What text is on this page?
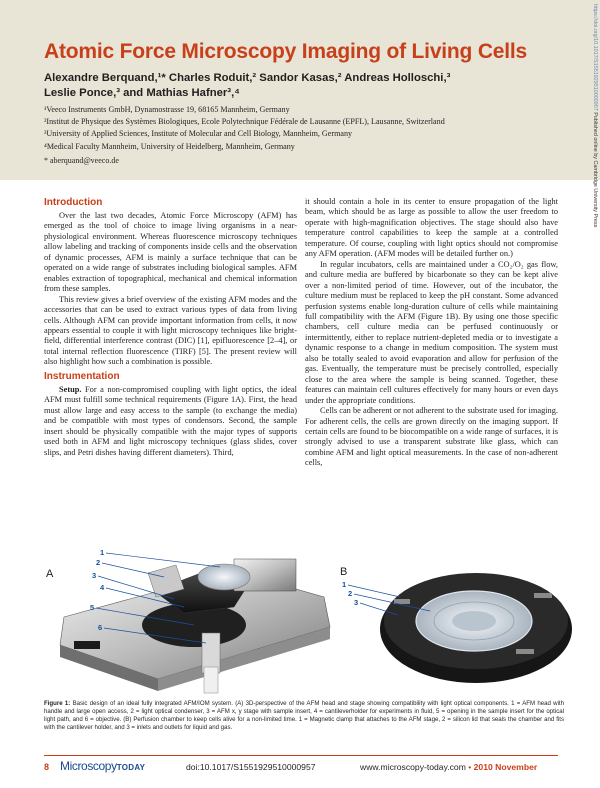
Atomic Force Microscopy Imaging of Living Cells
Alexandre Berquand,¹* Charles Roduit,² Sandor Kasas,² Andreas Holloschi,³
Leslie Ponce,³ and Mathias Hafner³,⁴
¹Veeco Instruments GmbH, Dynamostrasse 19, 68165 Mannheim, Germany
²Institut de Physique des Systèmes Biologiques, Ecole Polytechnique Fédérale de Lausanne (EPFL), Lausanne, Switzerland
³University of Applied Sciences, Institute of Molecular and Cell Biology, Mannheim, Germany
⁴Medical Faculty Mannheim, University of Heidelberg, Mannheim, Germany
* aberquand@veeco.de
https://doi.org/10.1017/S1551929510000957 Published online by Cambridge University Press
Introduction

Over the last two decades, Atomic Force Microscopy (AFM) has emerged as the tool of choice to image living organisms in a near-physiological environment. Whereas fluorescence microscopy techniques allow labeling and tracking of components inside cells and the observation of dynamic processes, AFM is mainly a surface technique that can be operated on a wide range of substrates including biological samples. AFM enables extraction of topographical, mechanical and chemical information from these samples.

This review gives a brief overview of the existing AFM modes and the accessories that can be used to extract various types of data from living cells. Although AFM can provide important information from cells, it now appears essential to couple it with light microscopy techniques like bright-field, differential interference contrast (DIC) [1], epifluorescence [2–4], or total internal reflection fluorescence (TIRF) [5]. The present review will also highlight how such a combination is possible.

Instrumentation

Setup. For a non-compromised coupling with light optics, the ideal AFM must fulfill some technical requirements (Figure 1A). First, the head must allow large and easy access to the sample (to exchange the media) and be compatible with most types of condensors. Second, the sample insert should be physically compatible with the major types of supports used both in AFM and light microscopy techniques (glass slides, cover slips, and Petri dishes having different diameters). Third,

it should contain a hole in its center to ensure propagation of the light beam, which should be as large as possible to allow the user freedom to operate with high-magnification objectives. The stage should also have temperature control capabilities to keep the sample at a controlled temperature. Of course, coupling with light optics should not compromise any AFM operation. (AFM modes will be detailed further on.)

In regular incubators, cells are maintained under a CO₂/O₂ gas flow, and culture media are buffered by bicarbonate so they can be kept alive over a non-limited period of time. However, out of the incubator, the culture medium must be replaced to keep the pH constant. Some advanced perfusion systems enable long-duration culture of cells while maintaining full compatibility with the AFM (Figure 1B). By using one those specific chambers, cell culture media can be perfused continuously or intermittently, either to replace nutrient-depleted media or to investigate a dynamic response to a change in medium composition. The system must also be totally sealed to avoid evaporation and allow for perfusion of the gas. Eventually, the temperature must be precisely controlled, especially close to the area where the sample is being scanned. Together, these features can maintain cell cultures effectively for many hours or even days under the appropriate conditions.

Cells can be adherent or not adherent to the substrate used for imaging. For adherent cells, the cells are grown directly on the imaging support. If certain cells are found to be biocompatible on a wide range of surfaces, it is strongly advised to use a transparent substrate like glass, which can combine AFM and light optical measurements. In the case of non-adherent cells,

A
1
2
3
4
5
6
B
1
2
3
Figure 1: Basic design of an ideal fully integrated AFM/IOM system. (A) 3D-perspective of the AFM head and stage showing compatibility with light optical components. 1 = AFM head with handle and large open access, 2 = light optical condenser, 3 = AFM x, y stage with sample insert, 4 = cantileverholder for experiments in fluid, 5 = opening in the sample insert for the optical light path, and 6 = objective. (B) Perfusion chamber to keep cells alive for a non-limited time. 1 = Magnetic clamp that attaches to the AFM stage, 2 = silicon lid that seals the chamber and fits with the cantilever holder, and 3 = inlets and outlets for liquid and gas.
8 MicroscopyTODAY	doi:10.1017/S1551929510000957	www.microscopy-today.com • 2010 November
